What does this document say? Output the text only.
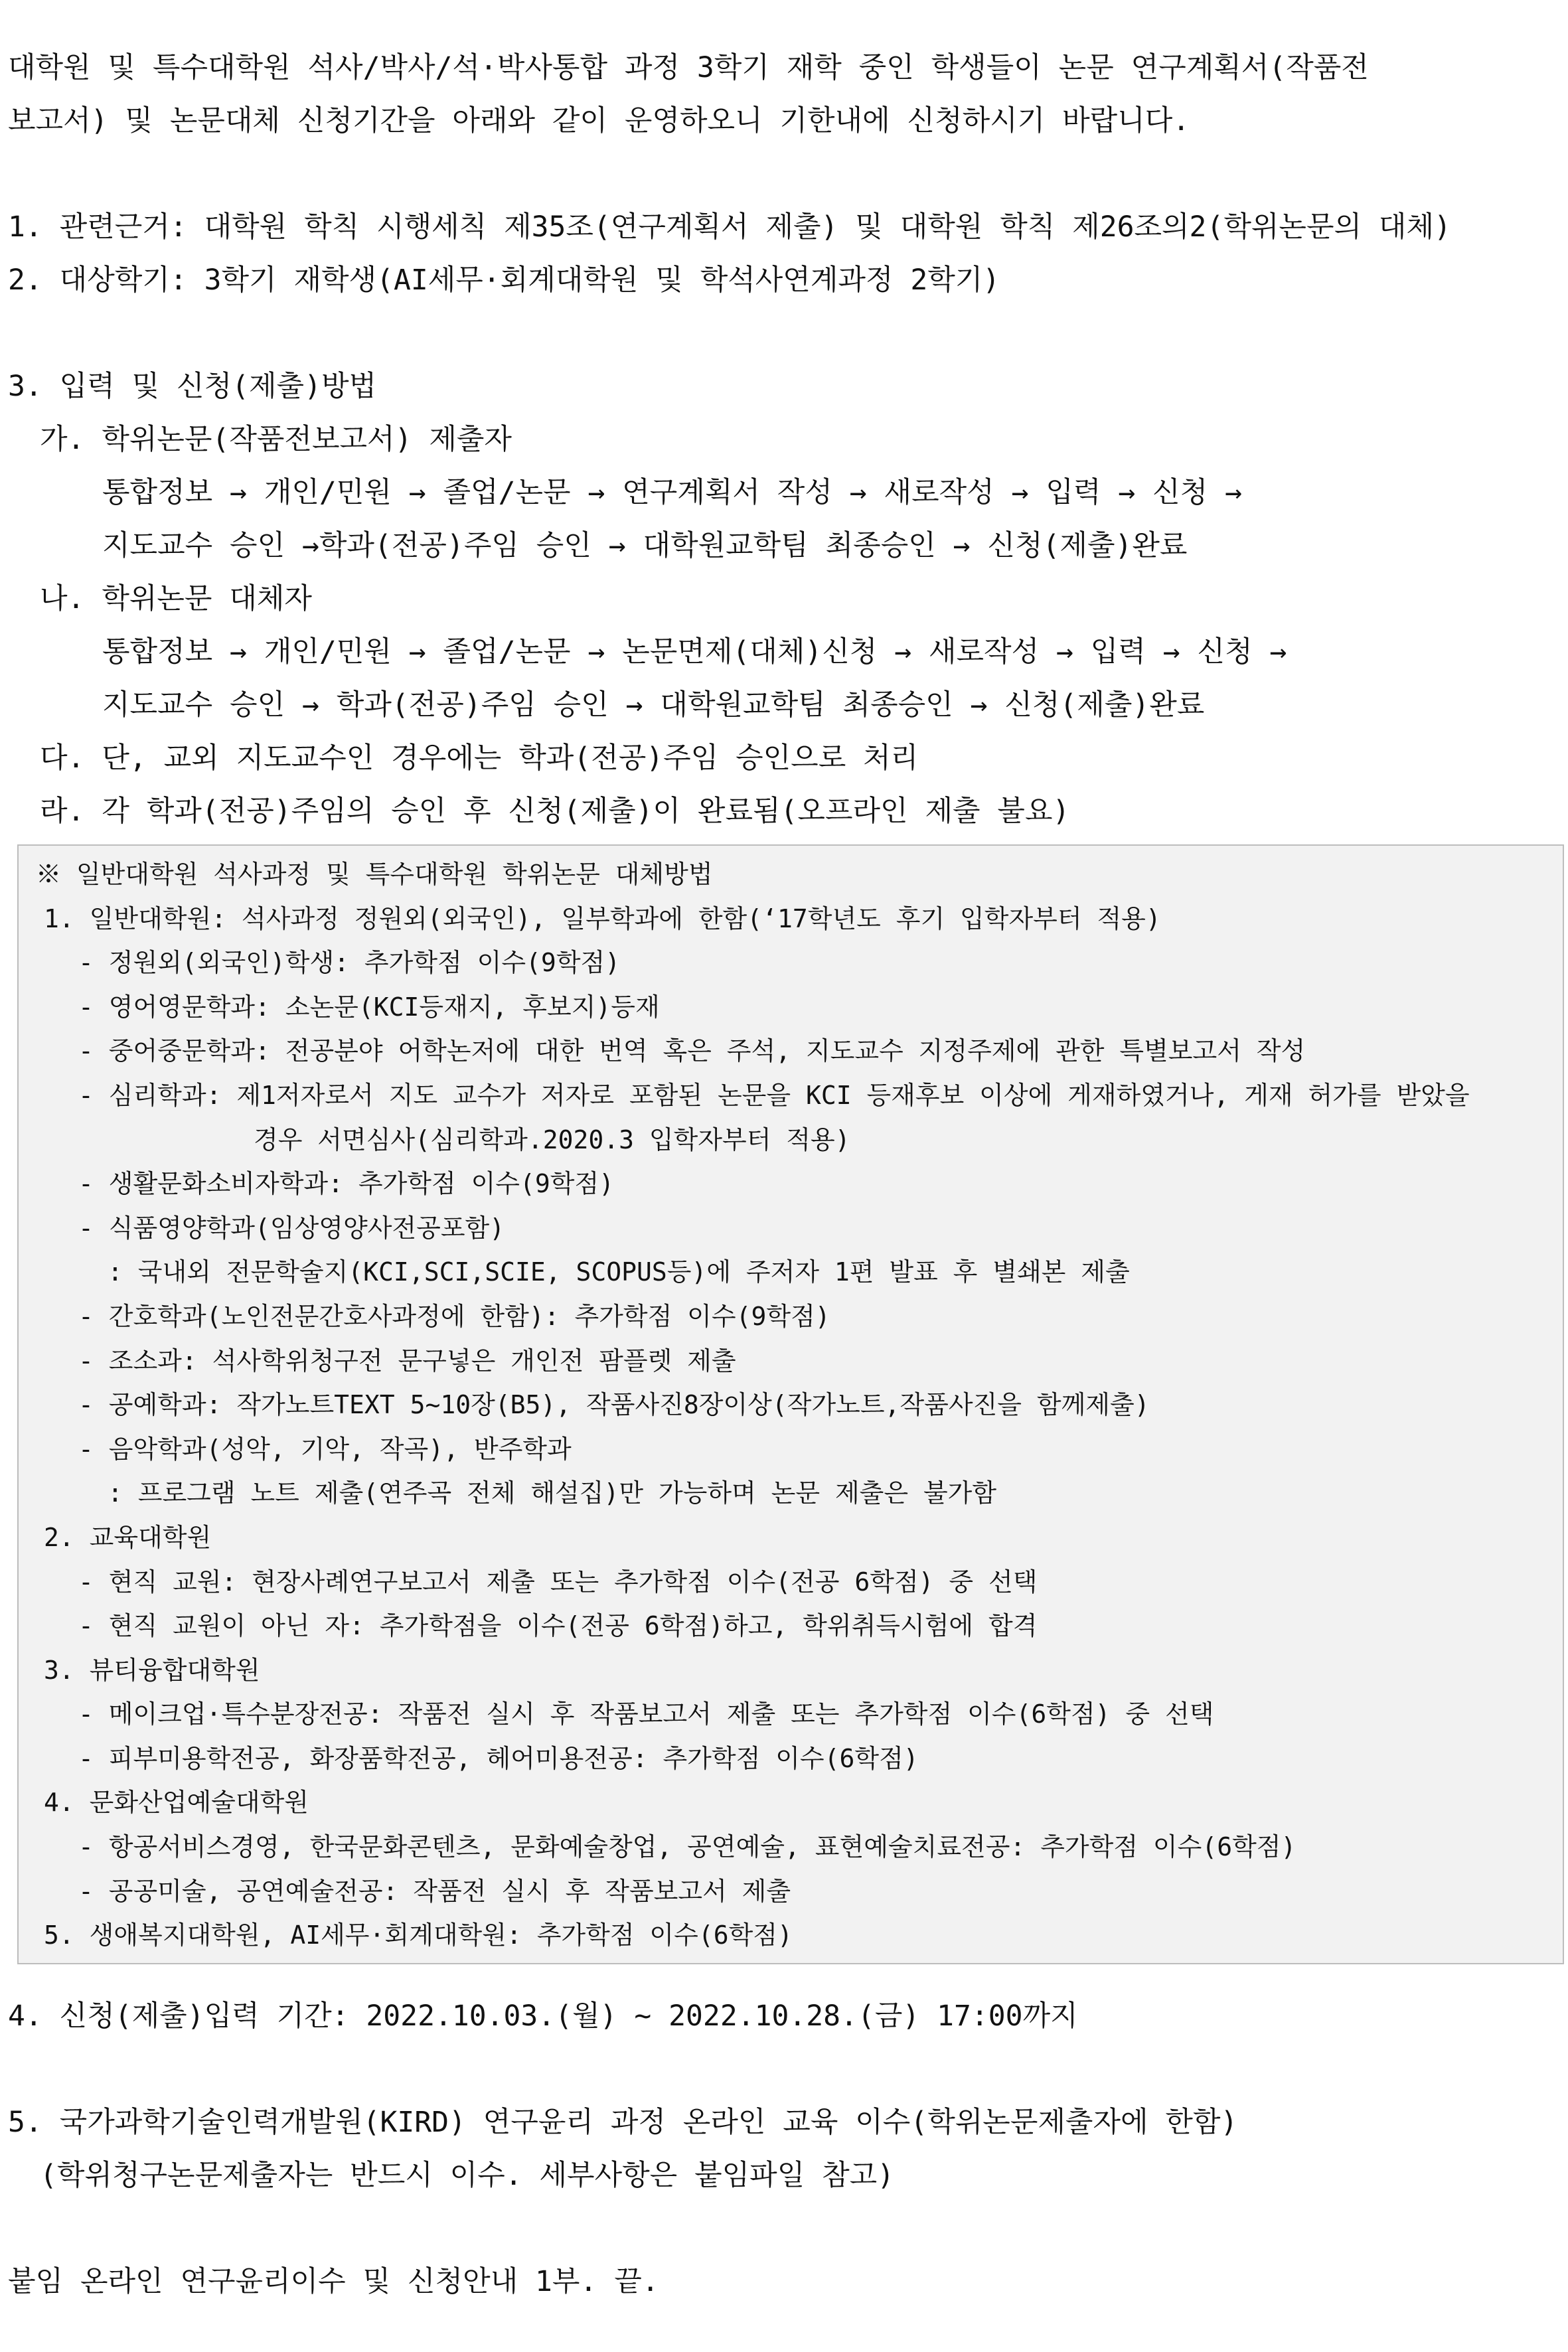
대학원 및 특수대학원 석사/박사/석·박사통합 과정 3학기 재학 중인 학생들이 논문 연구계획서(작품전
보고서) 및 논문대체 신청기간을 아래와 같이 운영하오니 기한내에 신청하시기 바랍니다.
1. 관련근거: 대학원 학칙 시행세칙 제35조(연구계획서 제출) 및 대학원 학칙 제26조의2(학위논문의 대체)
2. 대상학기: 3학기 재학생(AI세무·회계대학원 및 학석사연계과정 2학기)
3. 입력 및 신청(제출)방법
가. 학위논문(작품전보고서) 제출자
통합정보 → 개인/민원 → 졸업/논문 → 연구계획서 작성 → 새로작성 → 입력 → 신청 →
지도교수 승인 →학과(전공)주임 승인 → 대학원교학팀 최종승인 → 신청(제출)완료
나. 학위논문 대체자
통합정보 → 개인/민원 → 졸업/논문 → 논문면제(대체)신청 → 새로작성 → 입력 → 신청 →
지도교수 승인 → 학과(전공)주임 승인 → 대학원교학팀 최종승인 → 신청(제출)완료
다. 단, 교외 지도교수인 경우에는 학과(전공)주임 승인으로 처리
라. 각 학과(전공)주임의 승인 후 신청(제출)이 완료됨(오프라인 제출 불요)
※ 일반대학원 석사과정 및 특수대학원 학위논문 대체방법
1. 일반대학원: 석사과정 정원외(외국인), 일부학과에 한함(‘17학년도 후기 입학자부터 적용)
- 정원외(외국인)학생: 추가학점 이수(9학점)
- 영어영문학과: 소논문(KCI등재지, 후보지)등재
- 중어중문학과: 전공분야 어학논저에 대한 번역 혹은 주석, 지도교수 지정주제에 관한 특별보고서 작성
- 심리학과: 제1저자로서 지도 교수가 저자로 포함된 논문을 KCI 등재후보 이상에 게재하였거나, 게재 허가를 받았을
경우 서면심사(심리학과.2020.3 입학자부터 적용)
- 생활문화소비자학과: 추가학점 이수(9학점)
- 식품영양학과(임상영양사전공포함)
: 국내외 전문학술지(KCI,SCI,SCIE, SCOPUS등)에 주저자 1편 발표 후 별쇄본 제출
- 간호학과(노인전문간호사과정에 한함): 추가학점 이수(9학점)
- 조소과: 석사학위청구전 문구넣은 개인전 팜플렛 제출
- 공예학과: 작가노트TEXT 5~10장(B5), 작품사진8장이상(작가노트,작품사진을 함께제출)
- 음악학과(성악, 기악, 작곡), 반주학과
: 프로그램 노트 제출(연주곡 전체 해설집)만 가능하며 논문 제출은 불가함
2. 교육대학원
- 현직 교원: 현장사례연구보고서 제출 또는 추가학점 이수(전공 6학점) 중 선택
- 현직 교원이 아닌 자: 추가학점을 이수(전공 6학점)하고, 학위취득시험에 합격
3. 뷰티융합대학원
- 메이크업·특수분장전공: 작품전 실시 후 작품보고서 제출 또는 추가학점 이수(6학점) 중 선택
- 피부미용학전공, 화장품학전공, 헤어미용전공: 추가학점 이수(6학점)
4. 문화산업예술대학원
- 항공서비스경영, 한국문화콘텐츠, 문화예술창업, 공연예술, 표현예술치료전공: 추가학점 이수(6학점)
- 공공미술, 공연예술전공: 작품전 실시 후 작품보고서 제출
5. 생애복지대학원, AI세무·회계대학원: 추가학점 이수(6학점)
4. 신청(제출)입력 기간: 2022.10.03.(월) ~ 2022.10.28.(금) 17:00까지
5. 국가과학기술인력개발원(KIRD) 연구윤리 과정 온라인 교육 이수(학위논문제출자에 한함)
(학위청구논문제출자는 반드시 이수. 세부사항은 붙임파일 참고)
붙임 온라인 연구윤리이수 및 신청안내 1부. 끝.
